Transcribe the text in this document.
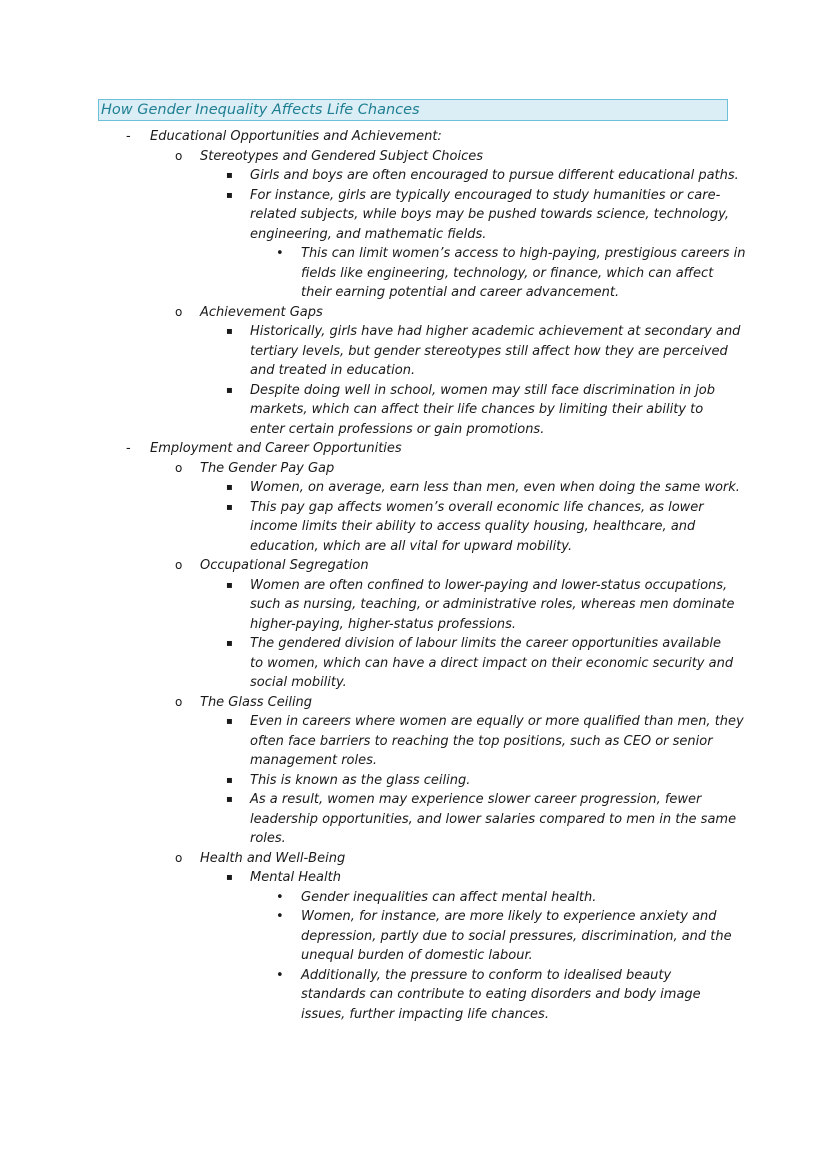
How Gender Inequality Affects Life Chances
- Educational Opportunities and Achievement:
o Stereotypes and Gendered Subject Choices
▪ Girls and boys are often encouraged to pursue different educational paths.
▪ For instance, girls are typically encouraged to study humanities or care-
related subjects, while boys may be pushed towards science, technology,
engineering, and mathematic fields.
• This can limit women’s access to high-paying, prestigious careers in
fields like engineering, technology, or finance, which can affect
their earning potential and career advancement.
o Achievement Gaps
▪ Historically, girls have had higher academic achievement at secondary and
tertiary levels, but gender stereotypes still affect how they are perceived
and treated in education.
▪ Despite doing well in school, women may still face discrimination in job
markets, which can affect their life chances by limiting their ability to
enter certain professions or gain promotions.
- Employment and Career Opportunities
o The Gender Pay Gap
▪ Women, on average, earn less than men, even when doing the same work.
▪ This pay gap affects women’s overall economic life chances, as lower
income limits their ability to access quality housing, healthcare, and
education, which are all vital for upward mobility.
o Occupational Segregation
▪ Women are often confined to lower-paying and lower-status occupations,
such as nursing, teaching, or administrative roles, whereas men dominate
higher-paying, higher-status professions.
▪ The gendered division of labour limits the career opportunities available
to women, which can have a direct impact on their economic security and
social mobility.
o The Glass Ceiling
▪ Even in careers where women are equally or more qualified than men, they
often face barriers to reaching the top positions, such as CEO or senior
management roles.
▪ This is known as the glass ceiling.
▪ As a result, women may experience slower career progression, fewer
leadership opportunities, and lower salaries compared to men in the same
roles.
o Health and Well-Being
▪ Mental Health
• Gender inequalities can affect mental health.
• Women, for instance, are more likely to experience anxiety and
depression, partly due to social pressures, discrimination, and the
unequal burden of domestic labour.
• Additionally, the pressure to conform to idealised beauty
standards can contribute to eating disorders and body image
issues, further impacting life chances.
